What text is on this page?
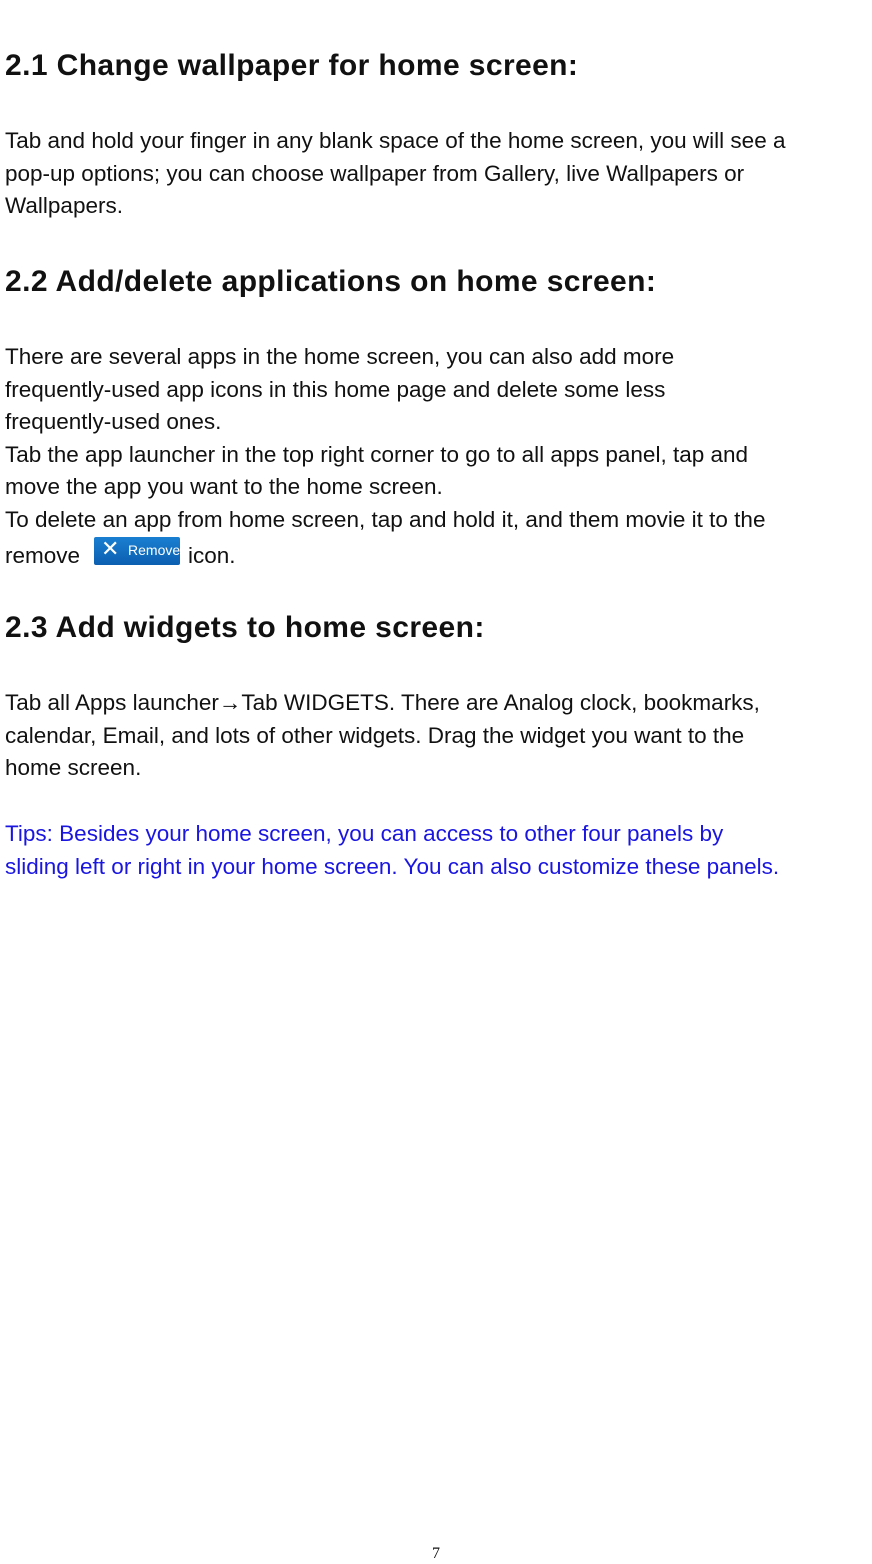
2.1 Change wallpaper for home screen:

Tab and hold your finger in any blank space of the home screen, you will see a
pop-up options; you can choose wallpaper from Gallery, live Wallpapers or
Wallpapers.

2.2 Add/delete applications on home screen:

There are several apps in the home screen, you can also add more
frequently-used app icons in this home page and delete some less
frequently-used ones.
Tab the app launcher in the top right corner to go to all apps panel, tap and
move the app you want to the home screen.
To delete an app from home screen, tap and hold it, and them movie it to the
remove ✕ Remove icon.

2.3 Add widgets to home screen:

Tab all Apps launcher→Tab WIDGETS. There are Analog clock, bookmarks,
calendar, Email, and lots of other widgets. Drag the widget you want to the
home screen.

Tips: Besides your home screen, you can access to other four panels by
sliding left or right in your home screen. You can also customize these panels.

7
